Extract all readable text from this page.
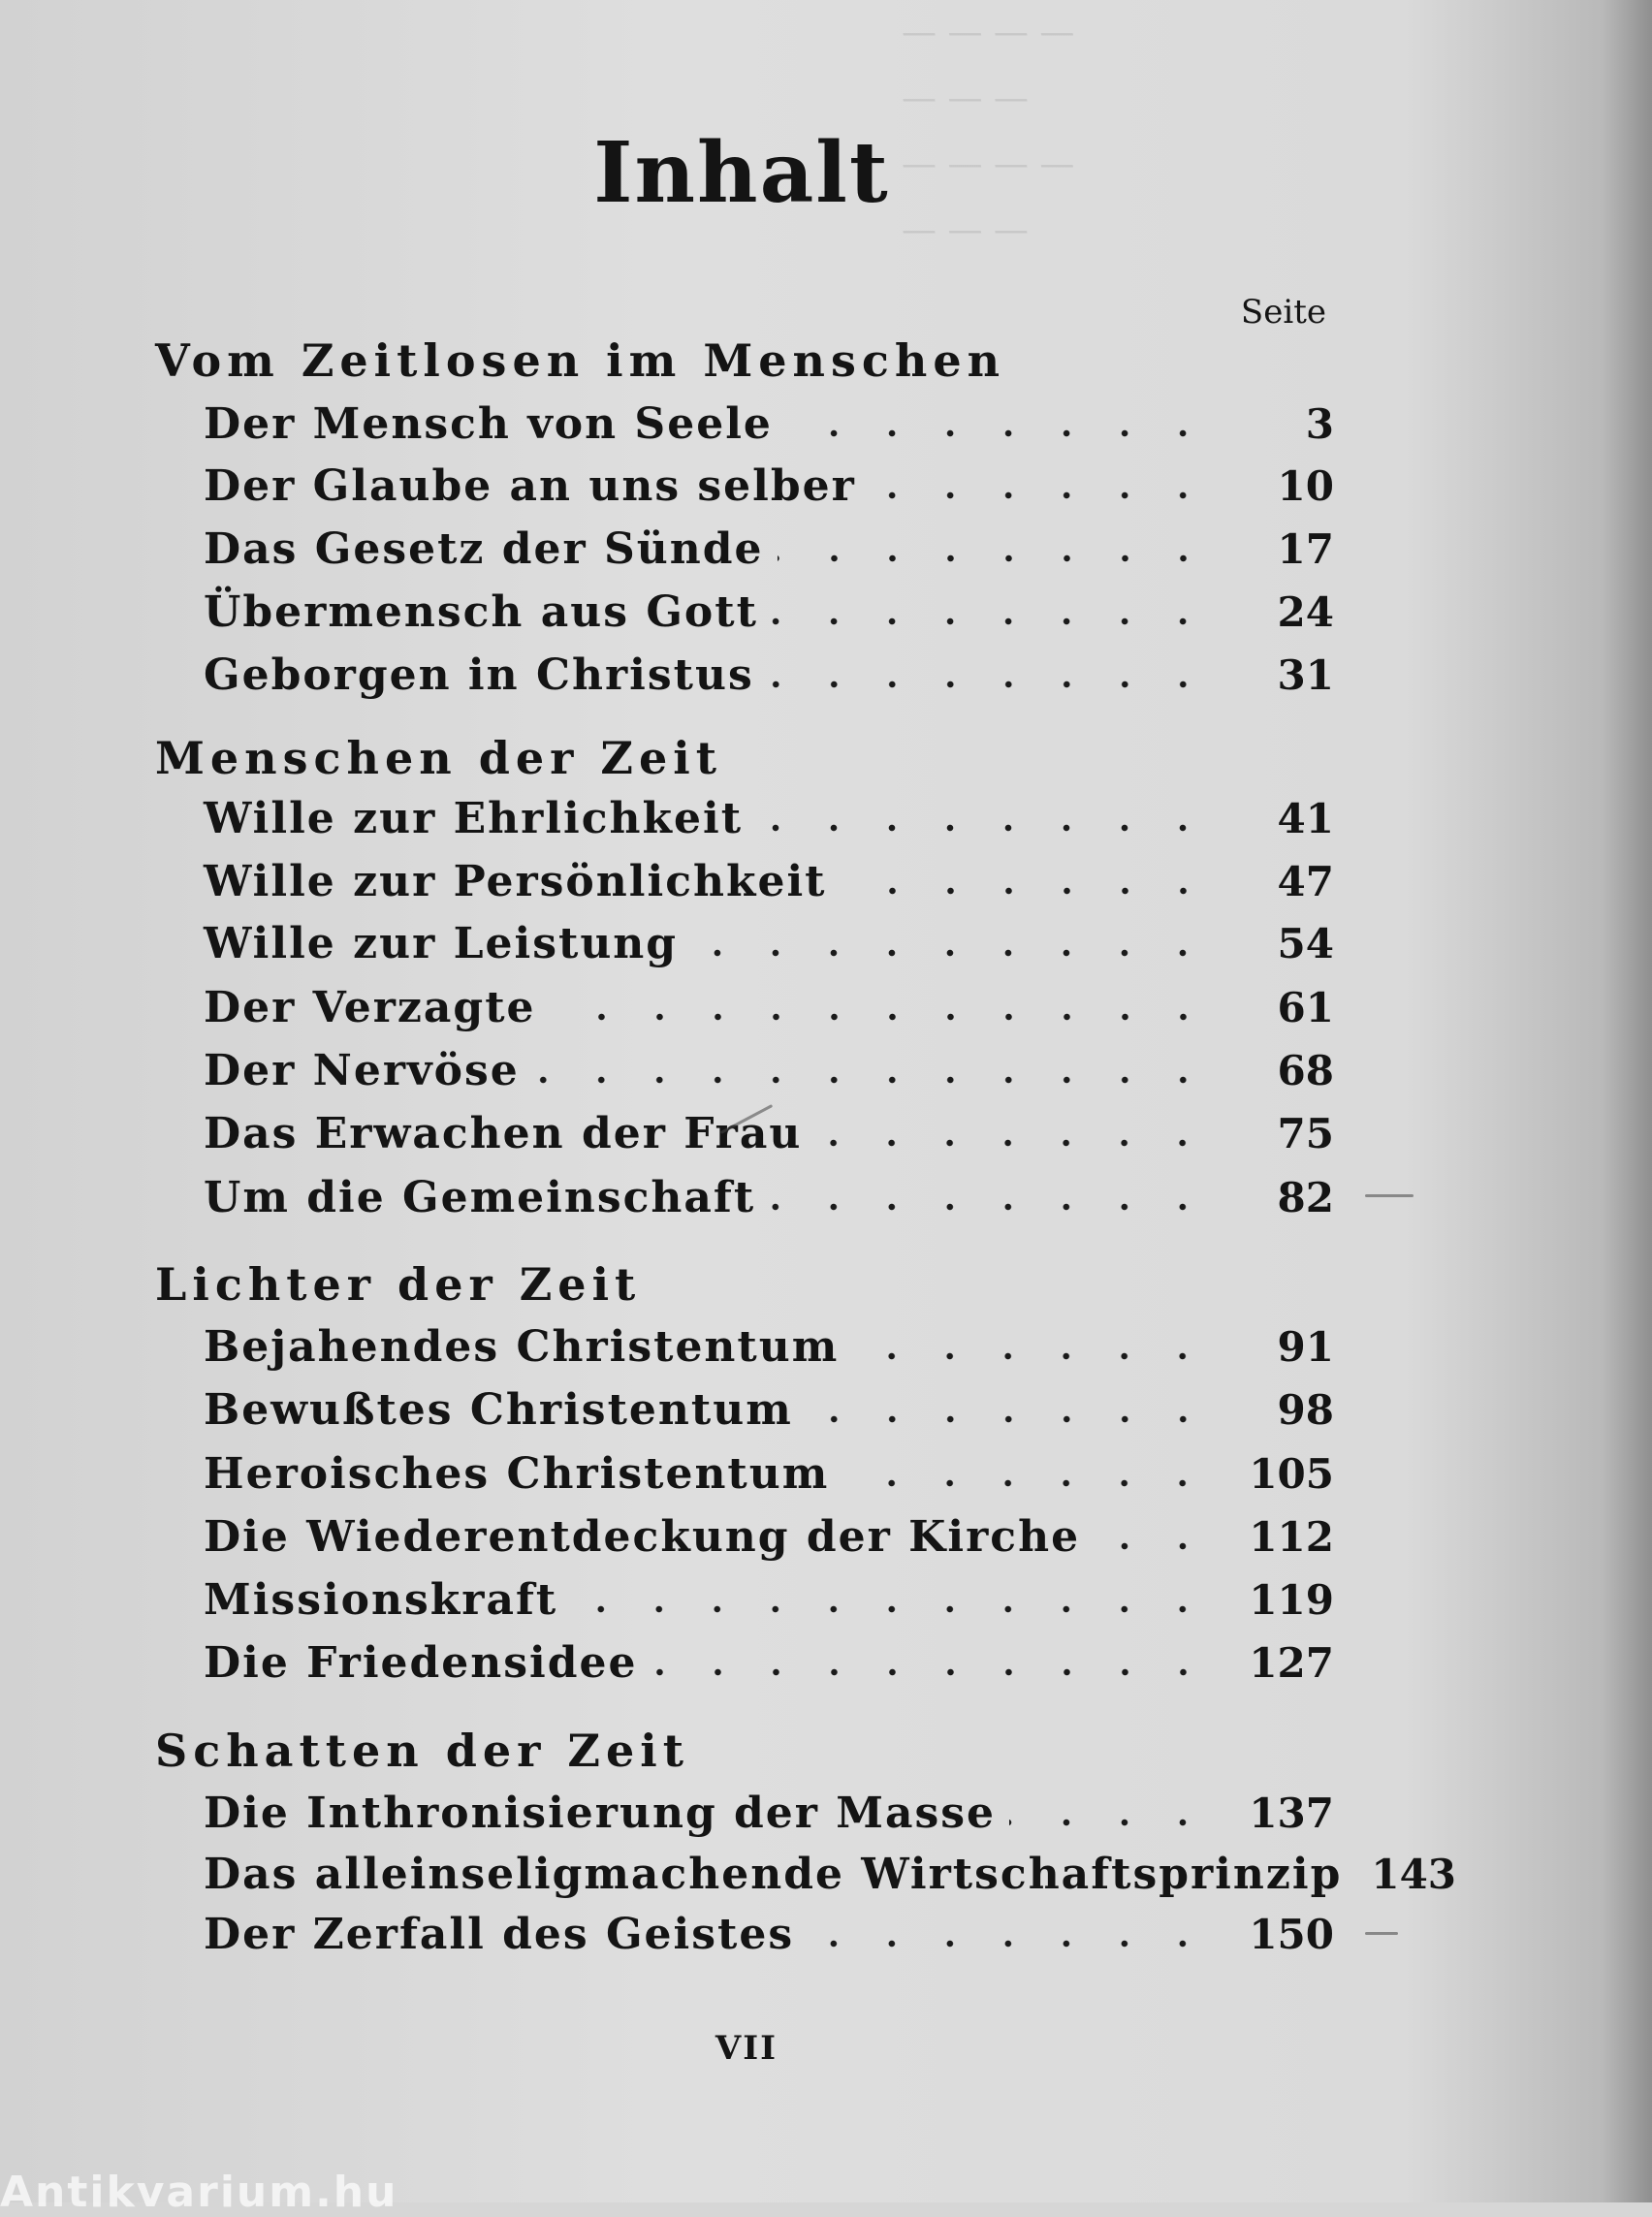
— — — —
— — —
— — — —
— — —
Inhalt
Seite
Vom Zeitlosen im Menschen
Der Mensch von Seele	3
Der Glaube an uns selber	10
Das Gesetz der Sünde	17
Übermensch aus Gott	24
Geborgen in Christus	31
Menschen der Zeit
Wille zur Ehrlichkeit	41
Wille zur Persönlichkeit	47
Wille zur Leistung	54
Der Verzagte	61
Der Nervöse	68
Das Erwachen der Frau	75
Um die Gemeinschaft	82
Lichter der Zeit
Bejahendes Christentum	91
Bewußtes Christentum	98
Heroisches Christentum	105
Die Wiederentdeckung der Kirche	112
Missionskraft	119
Die Friedensidee	127
Schatten der Zeit
Die Inthronisierung der Masse	137
Das alleinseligmachende Wirtschaftsprinzip 143
Der Zerfall des Geistes	150
VII
Antikvarium.hu
